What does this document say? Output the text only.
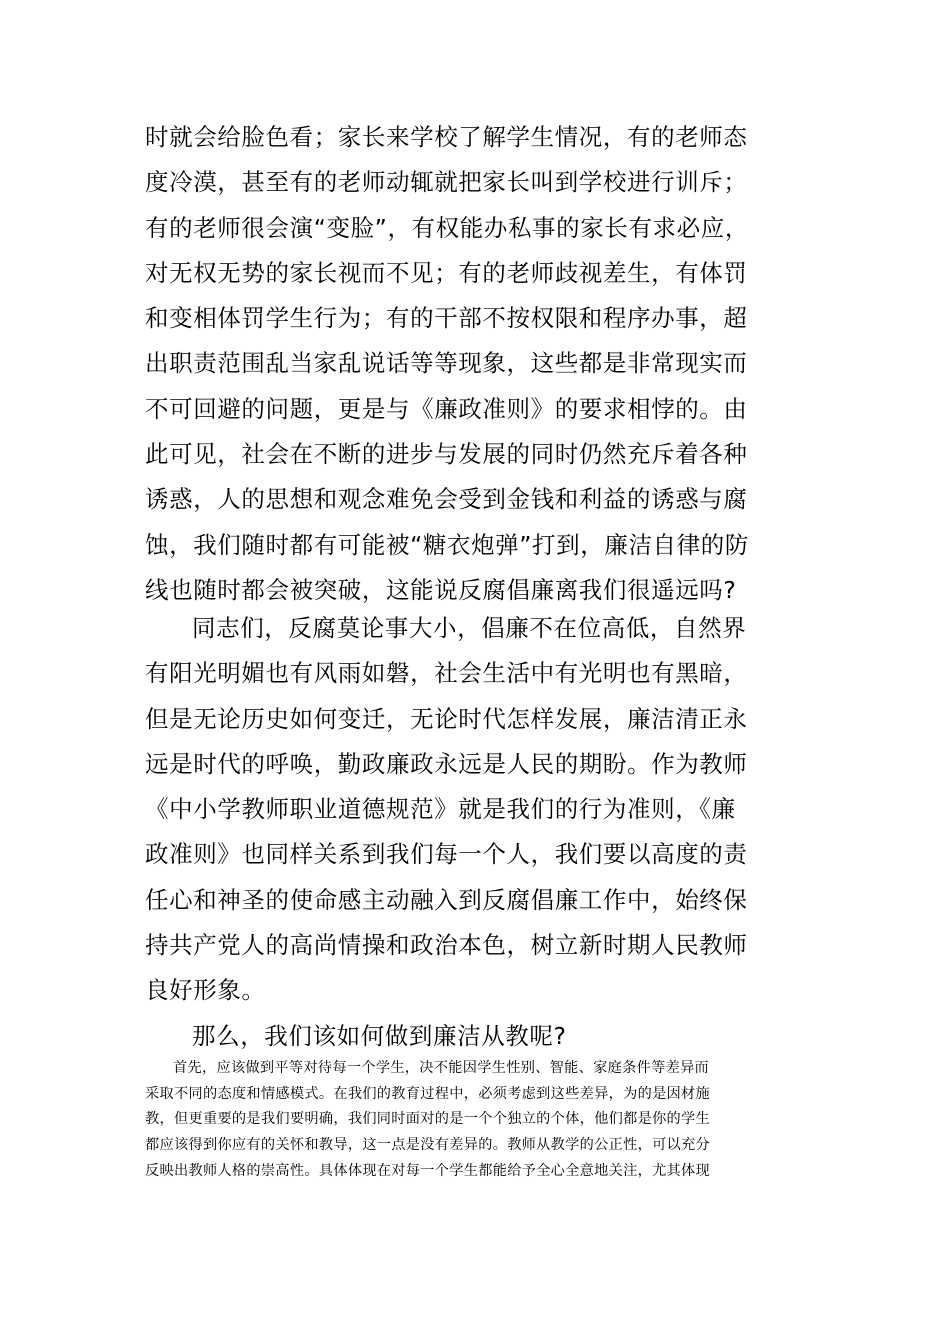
时就会给脸色看；家长来学校了解学生情况，有的老师态
度冷漠，甚至有的老师动辄就把家长叫到学校进行训斥；
有的老师很会演“变脸”，有权能办私事的家长有求必应，
对无权无势的家长视而不见；有的老师歧视差生，有体罚
和变相体罚学生行为；有的干部不按权限和程序办事，超
出职责范围乱当家乱说话等等现象，这些都是非常现实而
不可回避的问题，更是与《廉政准则》的要求相悖的。由
此可见，社会在不断的进步与发展的同时仍然充斥着各种
诱惑，人的思想和观念难免会受到金钱和利益的诱惑与腐
蚀，我们随时都有可能被“糖衣炮弹”打到，廉洁自律的防
线也随时都会被突破，这能说反腐倡廉离我们很遥远吗?
同志们，反腐莫论事大小，倡廉不在位高低，自然界
有阳光明媚也有风雨如磐，社会生活中有光明也有黑暗，
但是无论历史如何变迁，无论时代怎样发展，廉洁清正永
远是时代的呼唤，勤政廉政永远是人民的期盼。作为教师
《中小学教师职业道德规范》就是我们的行为准则，《廉
政准则》也同样关系到我们每一个人，我们要以高度的责
任心和神圣的使命感主动融入到反腐倡廉工作中，始终保
持共产党人的高尚情操和政治本色，树立新时期人民教师
良好形象。

那么，我们该如何做到廉洁从教呢?

首先，应该做到平等对待每一个学生，决不能因学生性别、智能、家庭条件等差异而
采取不同的态度和情感模式。在我们的教育过程中，必须考虑到这些差异，为的是因材施
教，但更重要的是我们要明确，我们同时面对的是一个个独立的个体，他们都是你的学生
都应该得到你应有的关怀和教导，这一点是没有差异的。教师从教学的公正性，可以充分
反映出教师人格的崇高性。具体体现在对每一个学生都能给予全心全意地关注，尤其体现
